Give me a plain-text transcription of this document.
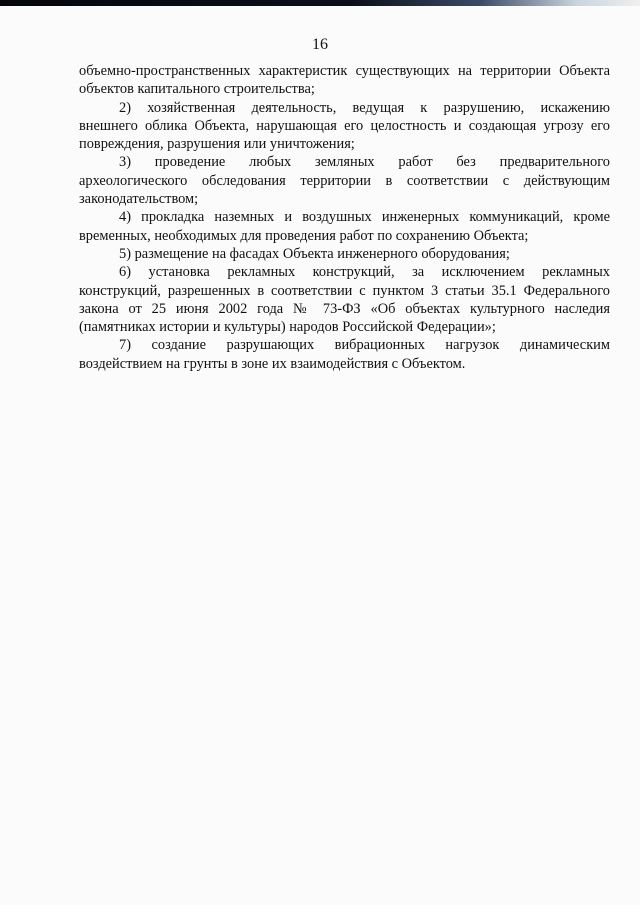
16
объемно-пространственных характеристик существующих на территории Объекта
объектов капитального строительства;
2) хозяйственная деятельность, ведущая к разрушению, искажению
внешнего облика Объекта, нарушающая его целостность и создающая угрозу его
повреждения, разрушения или уничтожения;
3) проведение любых земляных работ без предварительного
археологического обследования территории в соответствии с действующим
законодательством;
4) прокладка наземных и воздушных инженерных коммуникаций, кроме
временных, необходимых для проведения работ по сохранению Объекта;
5) размещение на фасадах Объекта инженерного оборудования;
6) установка рекламных конструкций, за исключением рекламных
конструкций, разрешенных в соответствии с пунктом 3 статьи 35.1 Федерального
закона от 25 июня 2002 года № 73-ФЗ «Об объектах культурного наследия
(памятниках истории и культуры) народов Российской Федерации»;
7) создание разрушающих вибрационных нагрузок динамическим
воздействием на грунты в зоне их взаимодействия с Объектом.
